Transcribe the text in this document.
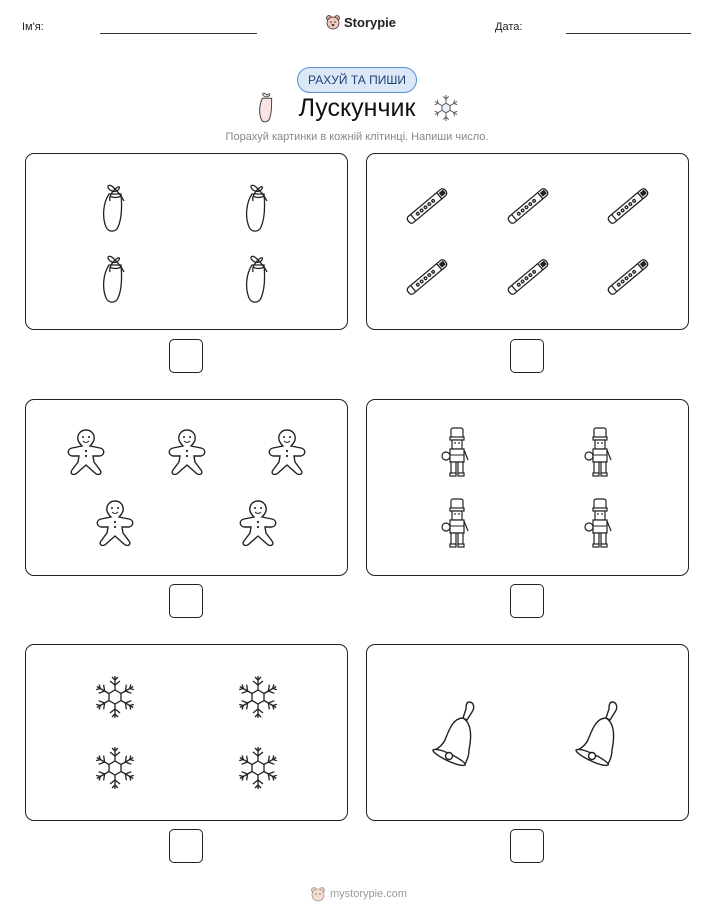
Ім'я:	Storypie	Дата:
РАХУЙ ТА ПИШИ
Лускунчик
Порахуй картинки в кожній клітинці. Напиши число.
mystorypie.com
